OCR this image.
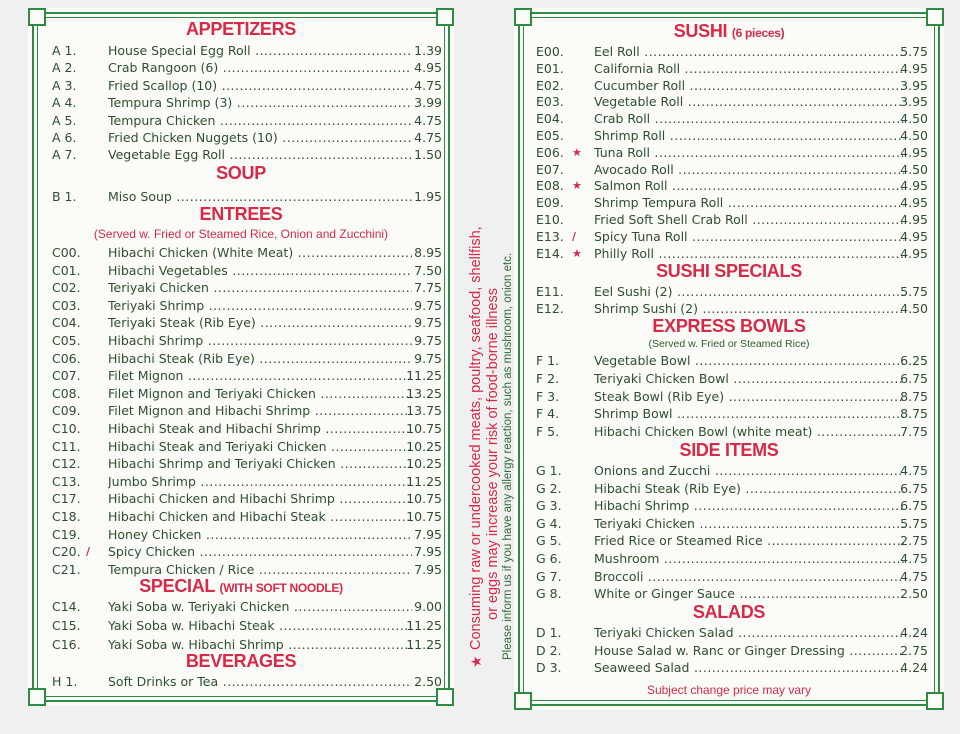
APPETIZERS
A 1.	House Special Egg Roll .....	1.39
A 2.	Crab Rangoon (6) .....	4.95
A 3.	Fried Scallop (10) .....	4.75
A 4.	Tempura Shrimp (3) .....	3.99
A 5.	Tempura Chicken .....	4.75
A 6.	Fried Chicken Nuggets (10) .....	4.75
A 7.	Vegetable Egg Roll .....	1.50
SOUP
B 1.	Miso Soup .....	1.95
ENTREES
(Served w. Fried or Steamed Rice, Onion and Zucchini)
C00. Hibachi Chicken (White Meat) .....	8.95
C01. Hibachi Vegetables .....	7.50
C02. Teriyaki Chicken .....	7.75
C03. Teriyaki Shrimp .....	9.75
C04. Teriyaki Steak (Rib Eye) .....	9.75
C05. Hibachi Shrimp .....	9.75
C06. Hibachi Steak (Rib Eye) .....	9.75
C07. Filet Mignon .....	11.25
C08. Filet Mignon and Teriyaki Chicken .....	13.25
C09. Filet Mignon and Hibachi Shrimp .....	13.75
C10. Hibachi Steak and Hibachi Shrimp .....	10.75
C11. Hibachi Steak and Teriyaki Chicken .....	10.25
C12. Hibachi Shrimp and Teriyaki Chicken .....	10.25
C13. Jumbo Shrimp .....	11.25
C17. Hibachi Chicken and Hibachi Shrimp .....	10.75
C18. Hibachi Chicken and Hibachi Steak .....	10.75
C19. Honey Chicken .....	7.95
C20. ∕ Spicy Chicken .....	7.95
C21. Tempura Chicken / Rice .....	7.95
SPECIAL (WITH SOFT NOODLE)
C14. Yaki Soba w. Teriyaki Chicken .....	9.00
C15. Yaki Soba w. Hibachi Steak .....	11.25
C16. Yaki Soba w. Hibachi Shrimp .....	11.25
BEVERAGES
H 1. Soft Drinks or Tea .....	2.50
★
Consuming raw or undercooked meats, poultry, seafood, shellfish, or eggs may increase your risk of food-borne illness Please inform us if you have any allergy reaction, such as mushroom, onion etc.
SUSHI (6 pieces)
E00. Eel Roll .....	5.75
E01. California Roll .....	4.95
E02. Cucumber Roll .....	3.95
E03. Vegetable Roll .....	3.95
E04. Crab Roll .....	4.50
E05. Shrimp Roll .....	4.50
E06. ★ Tuna Roll .....	4.95
E07. Avocado Roll .....	4.50
E08. ★ Salmon Roll .....	4.95
E09. Shrimp Tempura Roll .....	4.95
E10. Fried Soft Shell Crab Roll .....	4.95
E13. ∕ Spicy Tuna Roll .....	4.95
E14. ★ Philly Roll .....	4.95
SUSHI SPECIALS
E11. Eel Sushi (2) .....	5.75
E12. Shrimp Sushi (2) .....	4.50
EXPRESS BOWLS
(Served w. Fried or Steamed Rice)
F 1.	Vegetable Bowl .....	6.25
F 2.	Teriyaki Chicken Bowl .....	6.75
F 3.	Steak Bowl (Rib Eye) .....	8.75
F 4.	Shrimp Bowl .....	8.75
F 5.	Hibachi Chicken Bowl (white meat) .....	7.75
SIDE ITEMS
G 1.	Onions and Zucchi .....	4.75
G 2.	Hibachi Steak (Rib Eye) .....	6.75
G 3.	Hibachi Shrimp .....	6.75
G 4.	Teriyaki Chicken .....	5.75
G 5.	Fried Rice or Steamed Rice .....	2.75
G 6.	Mushroom .....	4.75
G 7.	Broccoli .....	4.75
G 8.	White or Ginger Sauce .....	2.50
SALADS
D 1.	Teriyaki Chicken Salad .....	4.24
D 2.	House Salad w. Ranc or Ginger Dressing .....	2.75
D 3.	Seaweed Salad .....	4.24
Subject change price may vary
